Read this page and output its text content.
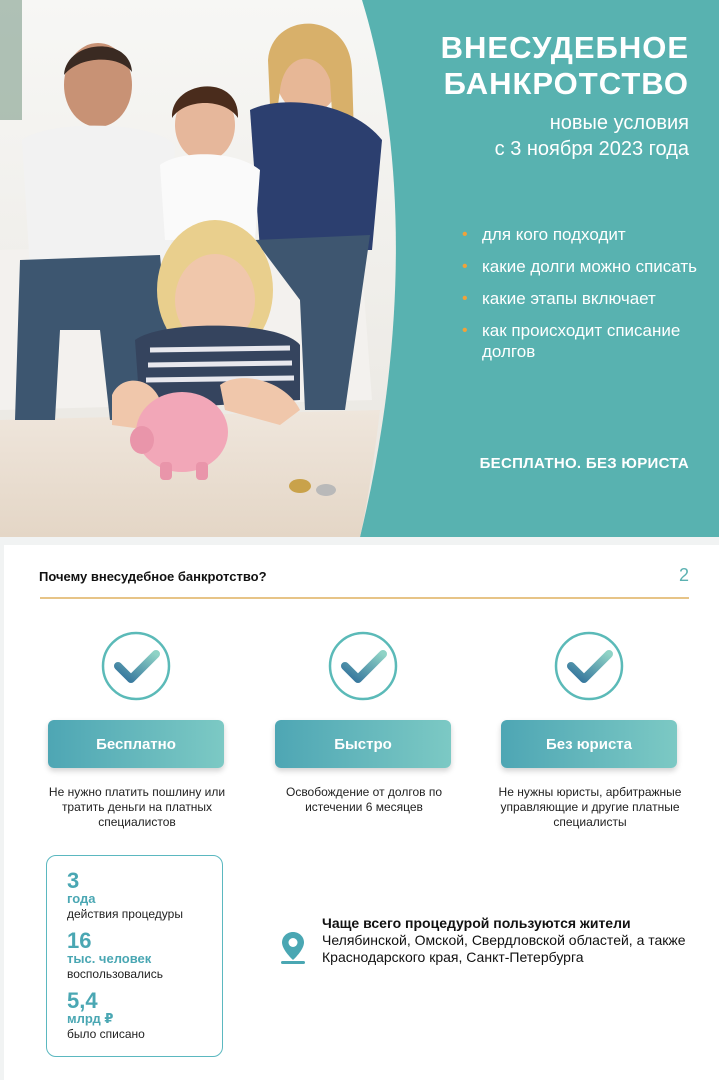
ВНЕСУДЕБНОЕ
БАНКРОТСТВО
новые условия
с 3 ноября 2023 года
• для кого подходит
• какие долги можно списать
• какие этапы включает
• как происходит списание долгов
БЕСПЛАТНО. БЕЗ ЮРИСТА
Почему внесудебное банкротство?	2
Бесплатно
Не нужно платить пошлину или тратить деньги на платных специалистов
Быстро
Освобождение от долгов по истечении 6 месяцев
Без юриста
Не нужны юристы, арбитражные управляющие и другие платные специалисты
3
года
действия процедуры
16
тыс. человек
воспользовались
5,4
млрд ₽
было списано
Чаще всего процедурой пользуются жители
Челябинской, Омской, Свердловской областей, а также Краснодарского края, Санкт-Петербурга
